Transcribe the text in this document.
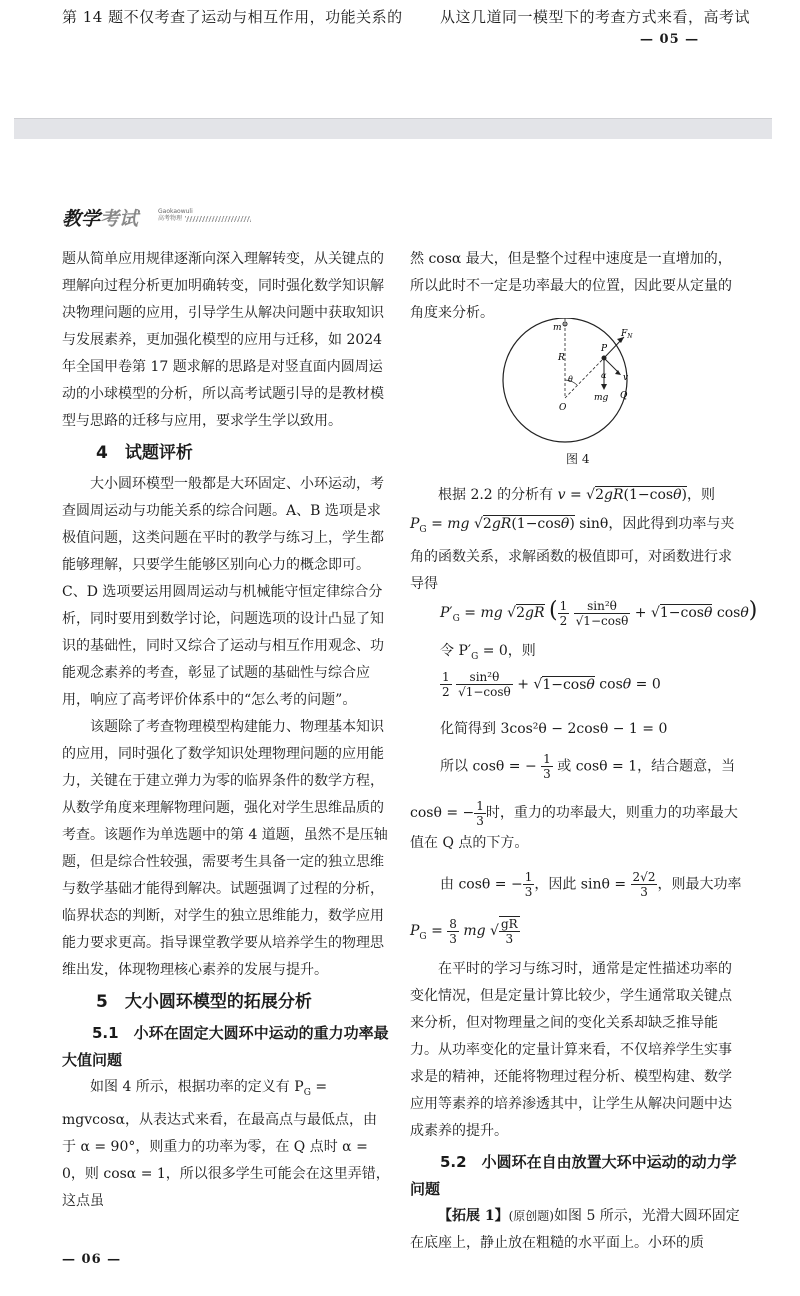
第 14 题不仅考查了运动与相互作用，功能关系的 从这几道同一模型下的考查方式来看，高考试
— 05 —
教学考试	Gaokaowuli
高考物理

题从简单应用规律逐渐向深入理解转变，从关键点的理解向过程分析更加明确转变，同时强化数学知识解决物理问题的应用，引导学生从解决问题中获取知识与发展素养，更加强化模型的应用与迁移，如 2024 年全国甲卷第 17 题求解的思路是对竖直面内圆周运动的小球模型的分析，所以高考试题引导的是教材模型与思路的迁移与应用，要求学生学以致用。

4　试题评析

大小圆环模型一般都是大环固定、小环运动，考查圆周运动与功能关系的综合问题。A、B 选项是求极值问题，这类问题在平时的教学与练习上，学生都能够理解，只要学生能够区别向心力的概念即可。C、D 选项要运用圆周运动与机械能守恒定律综合分析，同时要用到数学讨论，问题选项的设计凸显了知识的基础性，同时又综合了运动与相互作用观念、功能观念素养的考查，彰显了试题的基础性与综合应用，响应了高考评价体系中的“怎么考的问题”。

该题除了考查物理模型构建能力、物理基本知识的应用，同时强化了数学知识处理物理问题的应用能力，关键在于建立弹力为零的临界条件的数学方程，从数学角度来理解物理问题，强化对学生思维品质的考查。该题作为单选题中的第 4 道题，虽然不是压轴题，但是综合性较强，需要考生具备一定的独立思维与数学基础才能得到解决。试题强调了过程的分析，临界状态的判断，对学生的独立思维能力，数学应用能力要求更高。指导课堂教学要从培养学生的物理思维出发，体现物理核心素养的发展与提升。

5　大小圆环模型的拓展分析

5.1　小环在固定大圆环中运动的重力功率最大值问题

如图 4 所示，根据功率的定义有 $P_G = mgvcos\alpha$，从表达式来看，在最高点与最低点，由于 α = 90°，则重力的功率为零，在 Q 点时 α = 0，则 cosα = 1，所以很多学生可能会在这里弄错，这点虽

— 06 —

然 cosα 最大，但是整个过程中速度是一直增加的，所以此时不一定是功率最大的位置，因此要从定量的角度来分析。

m
R
θ
O
P
α
$F_N$
v
mg Q
图 4
根据 2.2 的分析有 v = √2gR(1−cosθ)，则
$P_G$ = mg √2gR(1−cosθ) sinθ，因此得到功率与夹角的函数关系，求解函数的极值即可，对函数进行求导得
$P'_G$ = mg √2gR ( $\frac{1}{2}$
$\frac{\text{sin²θ}}{√1-\cos\theta} + √1-\cos\theta$ cosθ)
令 $P'_G = 0$，则
$\frac{1}{2}$
$\frac{\text{sin²θ}}{√1-\cos\theta} + √1-\cos\theta$ cosθ = 0
化简得到 3cos²θ − 2cosθ − 1 = 0
所以 cosθ = − $\frac{1}{3}$ 或 cosθ = 1，结合题意，当
cosθ = − $\frac{1}{3}$ 时，重力的功率最大，则重力的功率最大值在 Q 点的下方。
由 cosθ = − $\frac{1}{3}$ ，因此 $\sin\theta = \frac{2√2}{3}$ ，则最大功率
$P_G = \frac{8}{3}$ mg √ $\frac{gR}{3}$

在平时的学习与练习时，通常是定性描述功率的变化情况，但是定量计算比较少，学生通常取关键点来分析，但对物理量之间的变化关系却缺乏推导能力。从功率变化的定量计算来看，不仅培养学生实事求是的精神，还能将物理过程分析、模型构建、数学应用等素养的培养渗透其中，让学生从解决问题中达成素养的提升。

5.2　小圆环在自由放置大环中运动的动力学问题

【拓展 1】(原创题)如图 5 所示，光滑大圆环固定在底座上，静止放在粗糙的水平面上。小环的质
